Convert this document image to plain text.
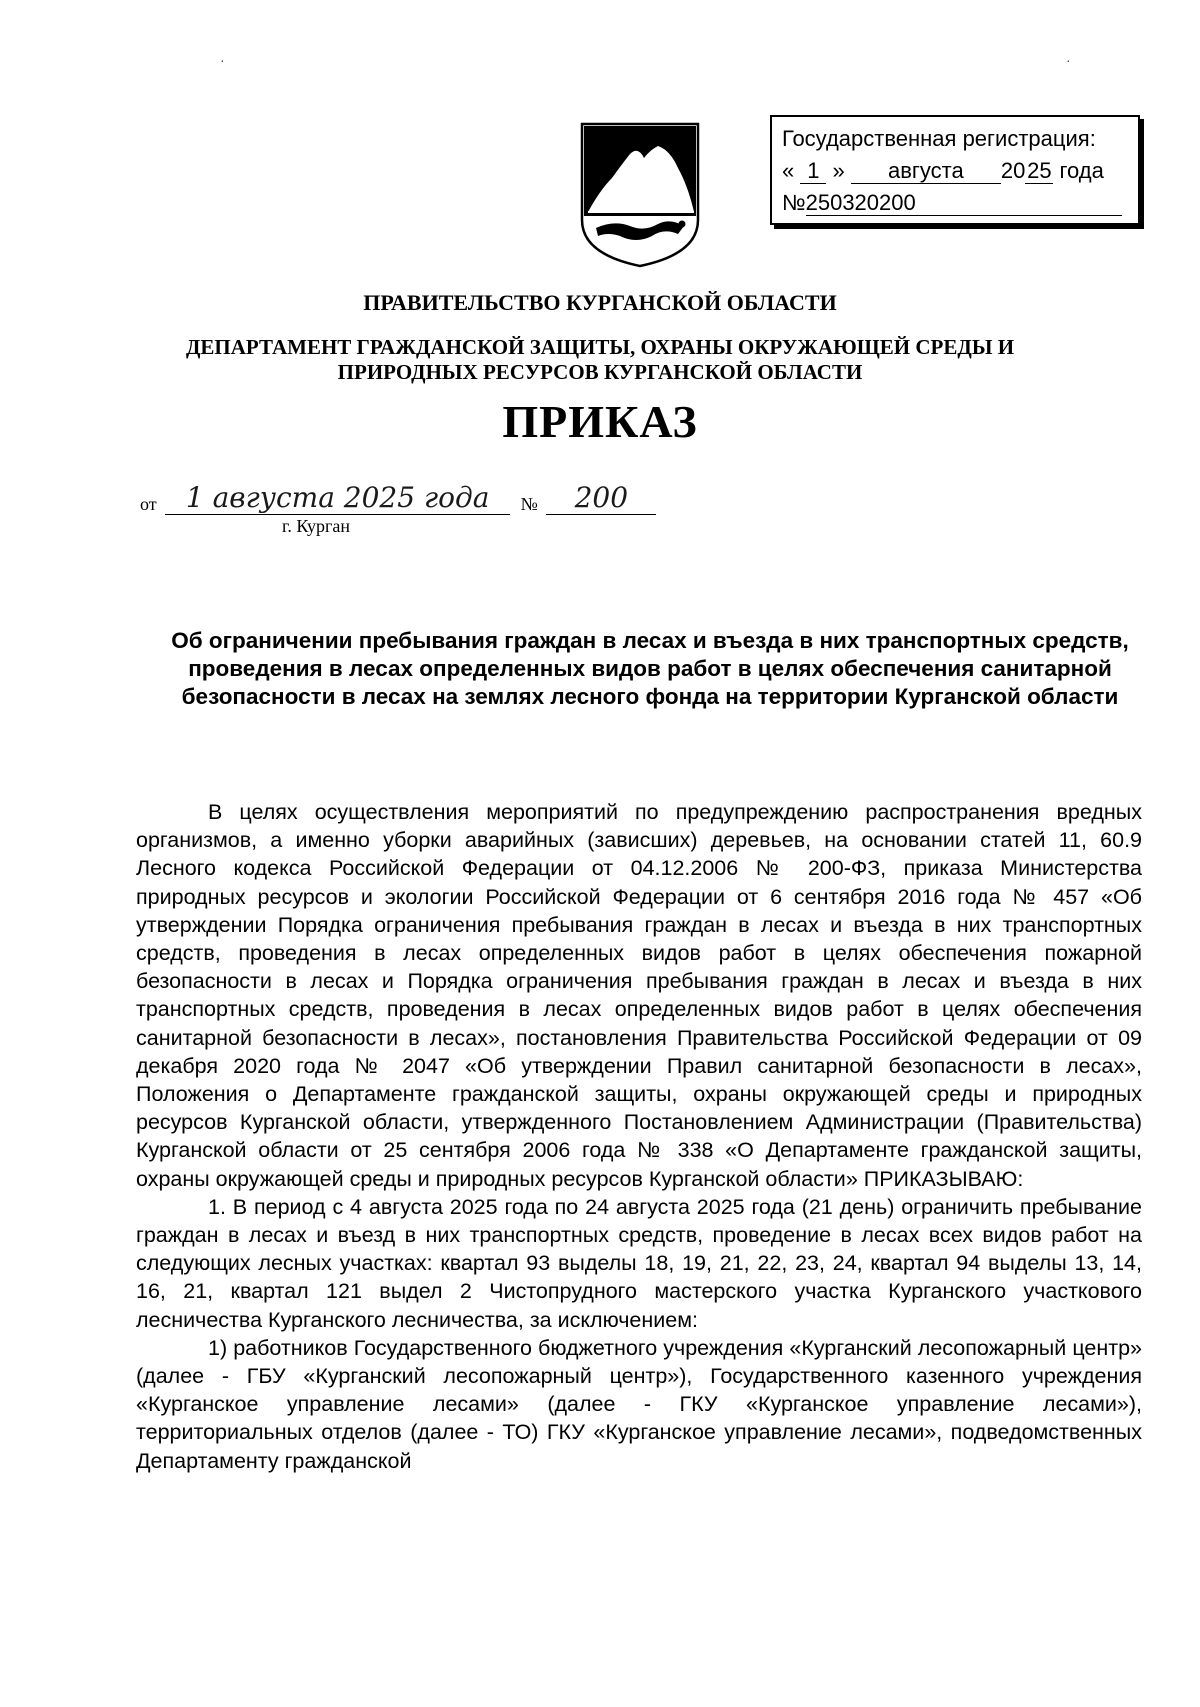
·	·
Государственная регистрация:
« 1 » августа 2025 года
№250320200
ПРАВИТЕЛЬСТВО КУРГАНСКОЙ ОБЛАСТИ
ДЕПАРТАМЕНТ ГРАЖДАНСКОЙ ЗАЩИТЫ, ОХРАНЫ ОКРУЖАЮЩЕЙ СРЕДЫ И ПРИРОДНЫХ РЕСУРСОВ КУРГАНСКОЙ ОБЛАСТИ
ПРИКАЗ
от 1 августа 2025 года № 200
г. Курган
Об ограничении пребывания граждан в лесах и въезда в них транспортных средств, проведения в лесах определенных видов работ в целях обеспечения санитарной безопасности в лесах на землях лесного фонда на территории Курганской области

В целях осуществления мероприятий по предупреждению распространения вредных организмов, а именно уборки аварийных (зависших) деревьев, на основании статей 11, 60.9 Лесного кодекса Российской Федерации от 04.12.2006 № 200-ФЗ, приказа Министерства природных ресурсов и экологии Российской Федерации от 6 сентября 2016 года № 457 «Об утверждении Порядка ограничения пребывания граждан в лесах и въезда в них транспортных средств, проведения в лесах определенных видов работ в целях обеспечения пожарной безопасности в лесах и Порядка ограничения пребывания граждан в лесах и въезда в них транспортных средств, проведения в лесах определенных видов работ в целях обеспечения санитарной безопасности в лесах», постановления Правительства Российской Федерации от 09 декабря 2020 года № 2047 «Об утверждении Правил санитарной безопасности в лесах», Положения о Департаменте гражданской защиты, охраны окружающей среды и природных ресурсов Курганской области, утвержденного Постановлением Администрации (Правительства) Курганской области от 25 сентября 2006 года № 338 «О Департаменте гражданской защиты, охраны окружающей среды и природных ресурсов Курганской области» ПРИКАЗЫВАЮ:

1. В период с 4 августа 2025 года по 24 августа 2025 года (21 день) ограничить пребывание граждан в лесах и въезд в них транспортных средств, проведение в лесах всех видов работ на следующих лесных участках: квартал 93 выделы 18, 19, 21, 22, 23, 24, квартал 94 выделы 13, 14, 16, 21, квартал 121 выдел 2 Чистопрудного мастерского участка Курганского участкового лесничества Курганского лесничества, за исключением:

1) работников Государственного бюджетного учреждения «Курганский лесопожарный центр» (далее - ГБУ «Курганский лесопожарный центр»), Государственного казенного учреждения «Курганское управление лесами» (далее - ГКУ «Курганское управление лесами»), территориальных отделов (далее - ТО) ГКУ «Курганское управление лесами», подведомственных Департаменту гражданской
